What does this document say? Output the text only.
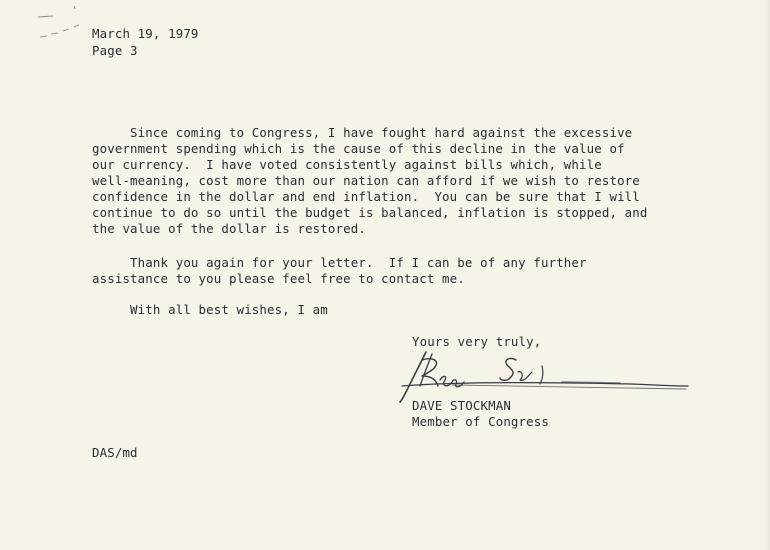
March 19, 1979
Page 3
Since coming to Congress, I have fought hard against the excessive
government spending which is the cause of this decline in the value of
our currency.  I have voted consistently against bills which, while
well-meaning, cost more than our nation can afford if we wish to restore
confidence in the dollar and end inflation.  You can be sure that I will
continue to do so until the budget is balanced, inflation is stopped, and
the value of the dollar is restored.
Thank you again for your letter.  If I can be of any further
assistance to you please feel free to contact me.
With all best wishes, I am
Yours very truly,
DAVE STOCKMAN
Member of Congress
DAS/md
